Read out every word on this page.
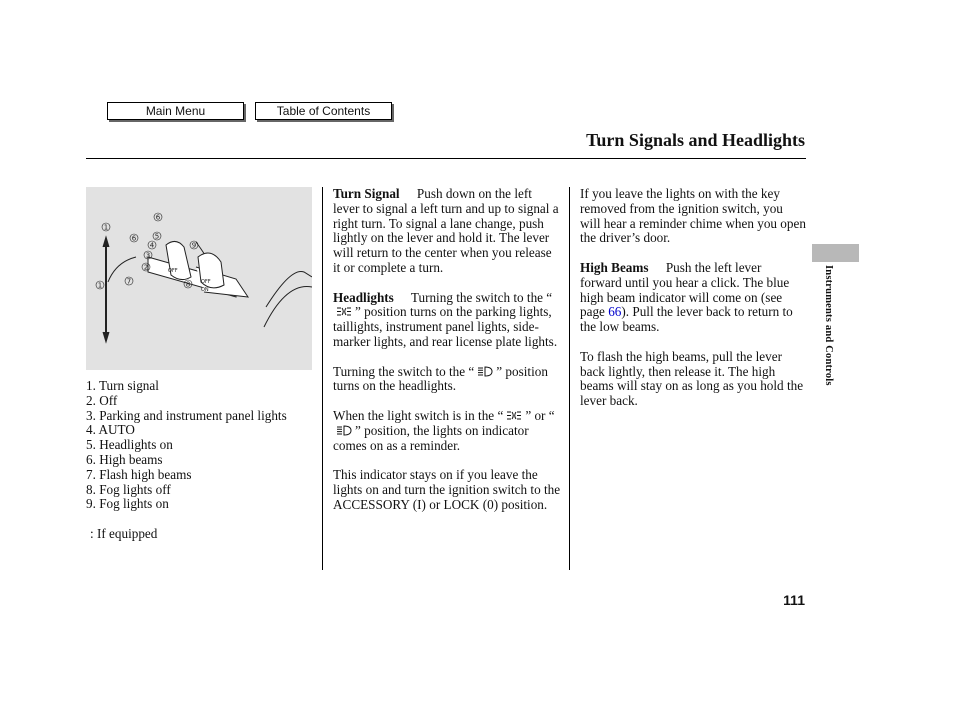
Main Menu	Table of Contents
Turn Signals and Headlights
OFF
OFF
ON
1
1
2
3
4
5
6
6
7	8
9
1. Turn signal
2. Off
3. Parking and instrument panel lights
4. AUTO
5. Headlights on
6. High beams
7. Flash high beams
8. Fog lights off
9. Fog lights on
: If equipped

Turn Signal Push down on the left lever to signal a left turn and up to signal a right turn. To signal a lane change, push lightly on the lever and hold it. The lever will return to the center when you release it or complete a turn.

Headlights Turning the switch to the “” position turns on the parking lights, taillights, instrument panel lights, side-marker lights, and rear license plate lights.

Turning the switch to the “ ” position turns on the headlights.

When the light switch is in the “ ” or “” position, the lights on indicator comes on as a reminder.

This indicator stays on if you leave the lights on and turn the ignition switch to the ACCESSORY (I) or LOCK (0) position.

If you leave the lights on with the key removed from the ignition switch, you will hear a reminder chime when you open the driver’s door.

High Beams Push the left lever forward until you hear a click. The blue high beam indicator will come on (see page 66). Pull the lever back to return to the low beams.

To flash the high beams, pull the lever back lightly, then release it. The high beams will stay on as long as you hold the lever back.

Instruments and Controls
111
